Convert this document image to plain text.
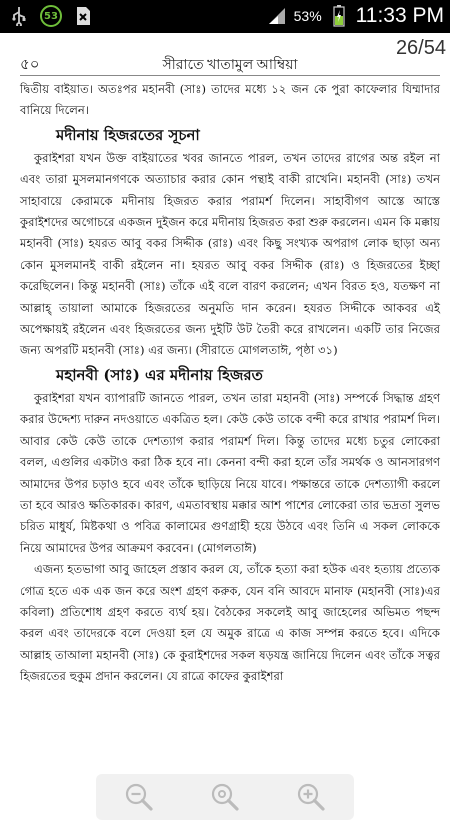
53	53% 11:33 PM
26/54
৫০	সীরাতে খাতামুল আম্বিয়া

দ্বিতীয় বাইয়াত। অতঃপর মহানবী (সাঃ) তাদের মধ্যে ১২ জন কে পুরা কাফেলার যিম্মাদার বানিয়ে দিলেন।

মদীনায় হিজরতের সূচনা

কুরাইশরা যখন উক্ত বাইয়াতের খবর জানতে পারল, তখন তাদের রাগের অন্ত রইল না এবং তারা মুসলমানগণকে অত্যাচার করার কোন পন্থাই বাকী রাখেনি। মহানবী (সাঃ) তখন সাহাবায়ে কেরামকে মদীনায় হিজরত করার পরামর্শ দিলেন। সাহাবীগণ আস্তে আস্তে কুরাইশদের অগোচরে একজন দুইজন করে মদীনায় হিজরত করা শুরু করলেন। এমন কি মক্কায় মহানবী (সাঃ) হযরত আবু বকর সিদ্দীক (রাঃ) এবং কিছু সংখ্যক অপরাগ লোক ছাড়া অন্য কোন মুসলমানই বাকী রইলেন না। হযরত আবু বকর সিদ্দীক (রাঃ) ও হিজরতের ইচ্ছা করেছিলেন। কিন্তু মহানবী (সাঃ) তাঁকে এই বলে বারণ করলেন; এখন বিরত হও, যতক্ষণ না আল্লাহ্ তায়ালা আমাকে হিজরতের অনুমতি দান করেন। হযরত সিদ্দীকে আকবর এই অপেক্ষায়ই রইলেন এবং হিজরতের জন্য দুইটি উট তৈরী করে রাখলেন। একটি তার নিজের জন্য অপরটি মহানবী (সাঃ) এর জন্য। (সীরাতে মোগলতাঈ, পৃষ্ঠা ৩১)

মহানবী (সাঃ) এর মদীনায় হিজরত

কুরাইশরা যখন ব্যাপারটি জানতে পারল, তখন তারা মহানবী (সাঃ) সম্পর্কে সিদ্ধান্ত গ্রহণ করার উদ্দেশ্য দারুন নদওয়াতে একত্রিত হল। কেউ কেউ তাকে বন্দী করে রাখার পরামর্শ দিল। আবার কেউ কেউ তাকে দেশত্যাগ করার পরামর্শ দিল। কিন্তু তাদের মধ্যে চতুর লোকেরা বলল, এগুলির একটাও করা ঠিক হবে না। কেননা বন্দী করা হলে তাঁর সমর্থক ও আনসারগণ আমাদের উপর চড়াও হবে এবং তাঁকে ছাড়িয়ে নিয়ে যাবে। পক্ষান্তরে তাকে দেশত্যাগী করলে তা হবে আরও ক্ষতিকারক। কারণ, এমতাবস্থায় মক্কার আশ পাশের লোকেরা তার ভদ্রতা সুলভ চরিত মাধুর্য, মিষ্টকথা ও পবিত্র কালামের গুণগ্রাহী হয়ে উঠবে এবং তিনি এ সকল লোককে নিয়ে আমাদের উপর আক্রমণ করবেন। (মোগলতাঈ)

এজন্য হতভাগা আবু জাহেল প্রস্তাব করল যে, তাঁকে হত্যা করা হউক এবং হত্যায় প্রত্যেক গোত্র হতে এক এক জন করে অংশ গ্রহণ করুক, যেন বনি আবদে মানাফ (মহানবী (সাঃ)এর কবিলা) প্রতিশোধ গ্রহণ করতে ব্যর্থ হয়। বৈঠকের সকলেই আবু জাহেলের অভিমত পছন্দ করল এবং তাদেরকে বলে দেওয়া হল যে অমুক রাত্রে এ কাজ সম্পন্ন করতে হবে। এদিকে আল্লাহ তাআলা মহানবী (সাঃ) কে কুরাইশদের সকল ষড়যন্ত্র জানিয়ে দিলেন এবং তাঁকে সত্বর হিজরতের হুকুম প্রদান করলেন। যে রাত্রে কাফের কুরাইশরা
